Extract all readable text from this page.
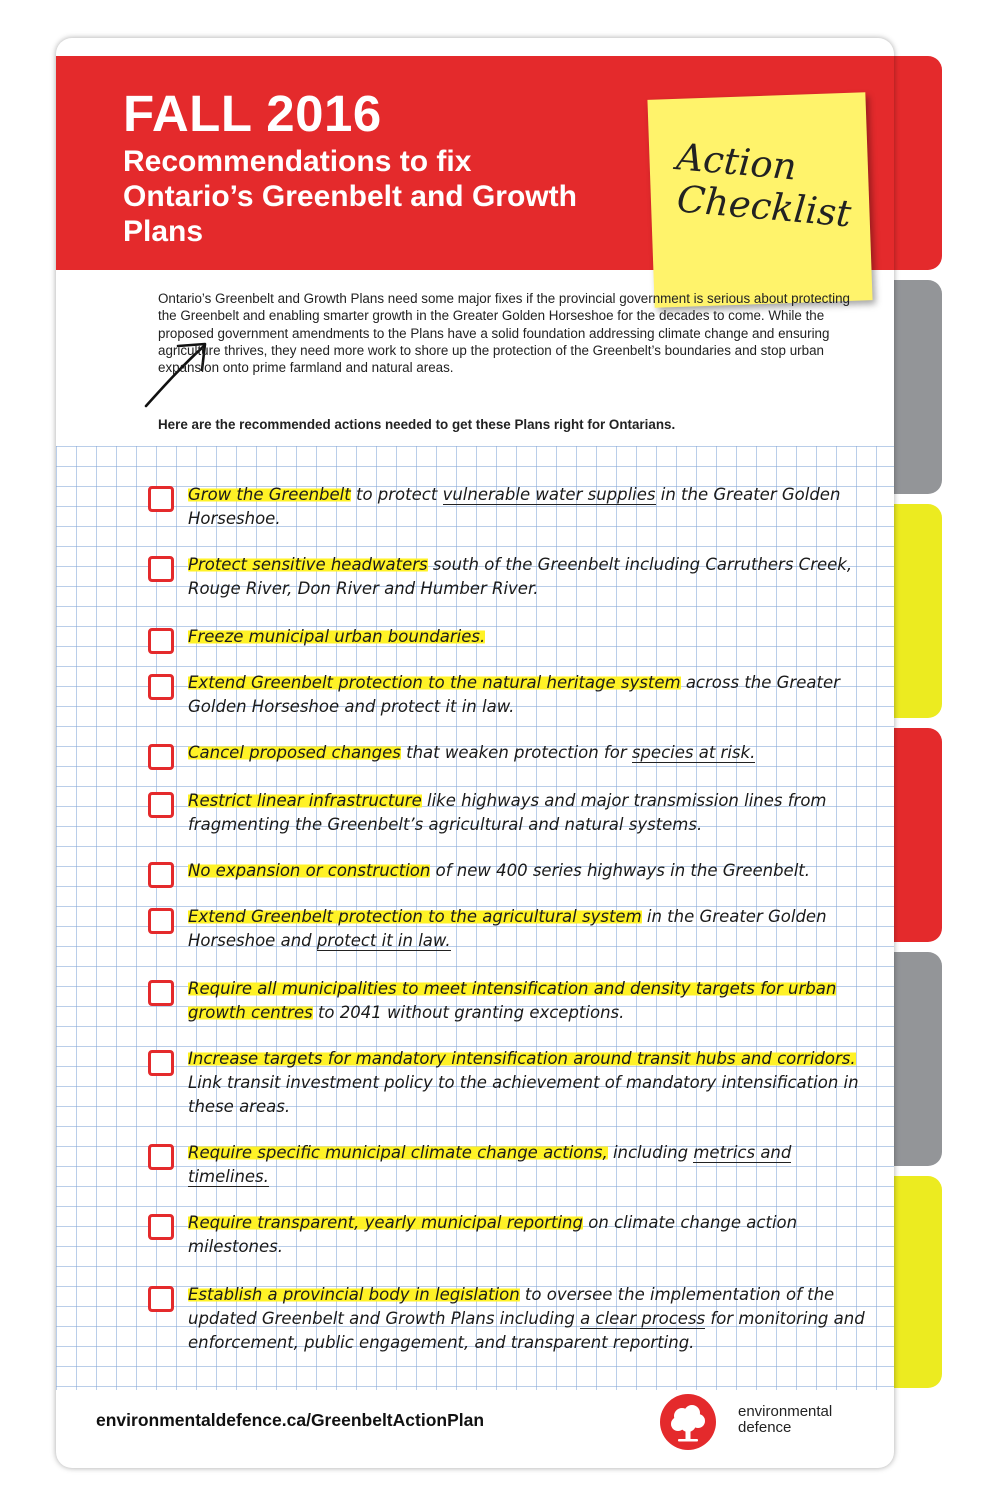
FALL 2016
Recommendations to fix Ontario’s Greenbelt and Growth Plans
Action
Checklist
Ontario’s Greenbelt and Growth Plans need some major fixes if the provincial government is serious about protecting the Greenbelt and enabling smarter growth in the Greater Golden Horseshoe for the decades to come. While the proposed government amendments to the Plans have a solid foundation addressing climate change and ensuring agriculture thrives, they need more work to shore up the protection of the Greenbelt’s boundaries and stop urban expansion onto prime farmland and natural areas.
Here are the recommended actions needed to get these Plans right for Ontarians.
Grow the Greenbelt to protect vulnerable water supplies in the Greater Golden Horseshoe.
Protect sensitive headwaters south of the Greenbelt including Carruthers Creek, Rouge River, Don River and Humber River.
Freeze municipal urban boundaries.
Extend Greenbelt protection to the natural heritage system across the Greater Golden Horseshoe and protect it in law.
Cancel proposed changes that weaken protection for species at risk.
Restrict linear infrastructure like highways and major transmission lines from fragmenting the Greenbelt’s agricultural and natural systems.
No expansion or construction of new 400 series highways in the Greenbelt.
Extend Greenbelt protection to the agricultural system in the Greater Golden Horseshoe and protect it in law.
Require all municipalities to meet intensification and density targets for urban growth centres to 2041 without granting exceptions.
Increase targets for mandatory intensification around transit hubs and corridors. Link transit investment policy to the achievement of mandatory intensification in these areas.
Require specific municipal climate change actions, including metrics and timelines.
Require transparent, yearly municipal reporting on climate change action milestones.
Establish a provincial body in legislation to oversee the implementation of the updated Greenbelt and Growth Plans including a clear process for monitoring and enforcement, public engagement, and transparent reporting.
environmentaldefence.ca/GreenbeltActionPlan	environmental
defence
